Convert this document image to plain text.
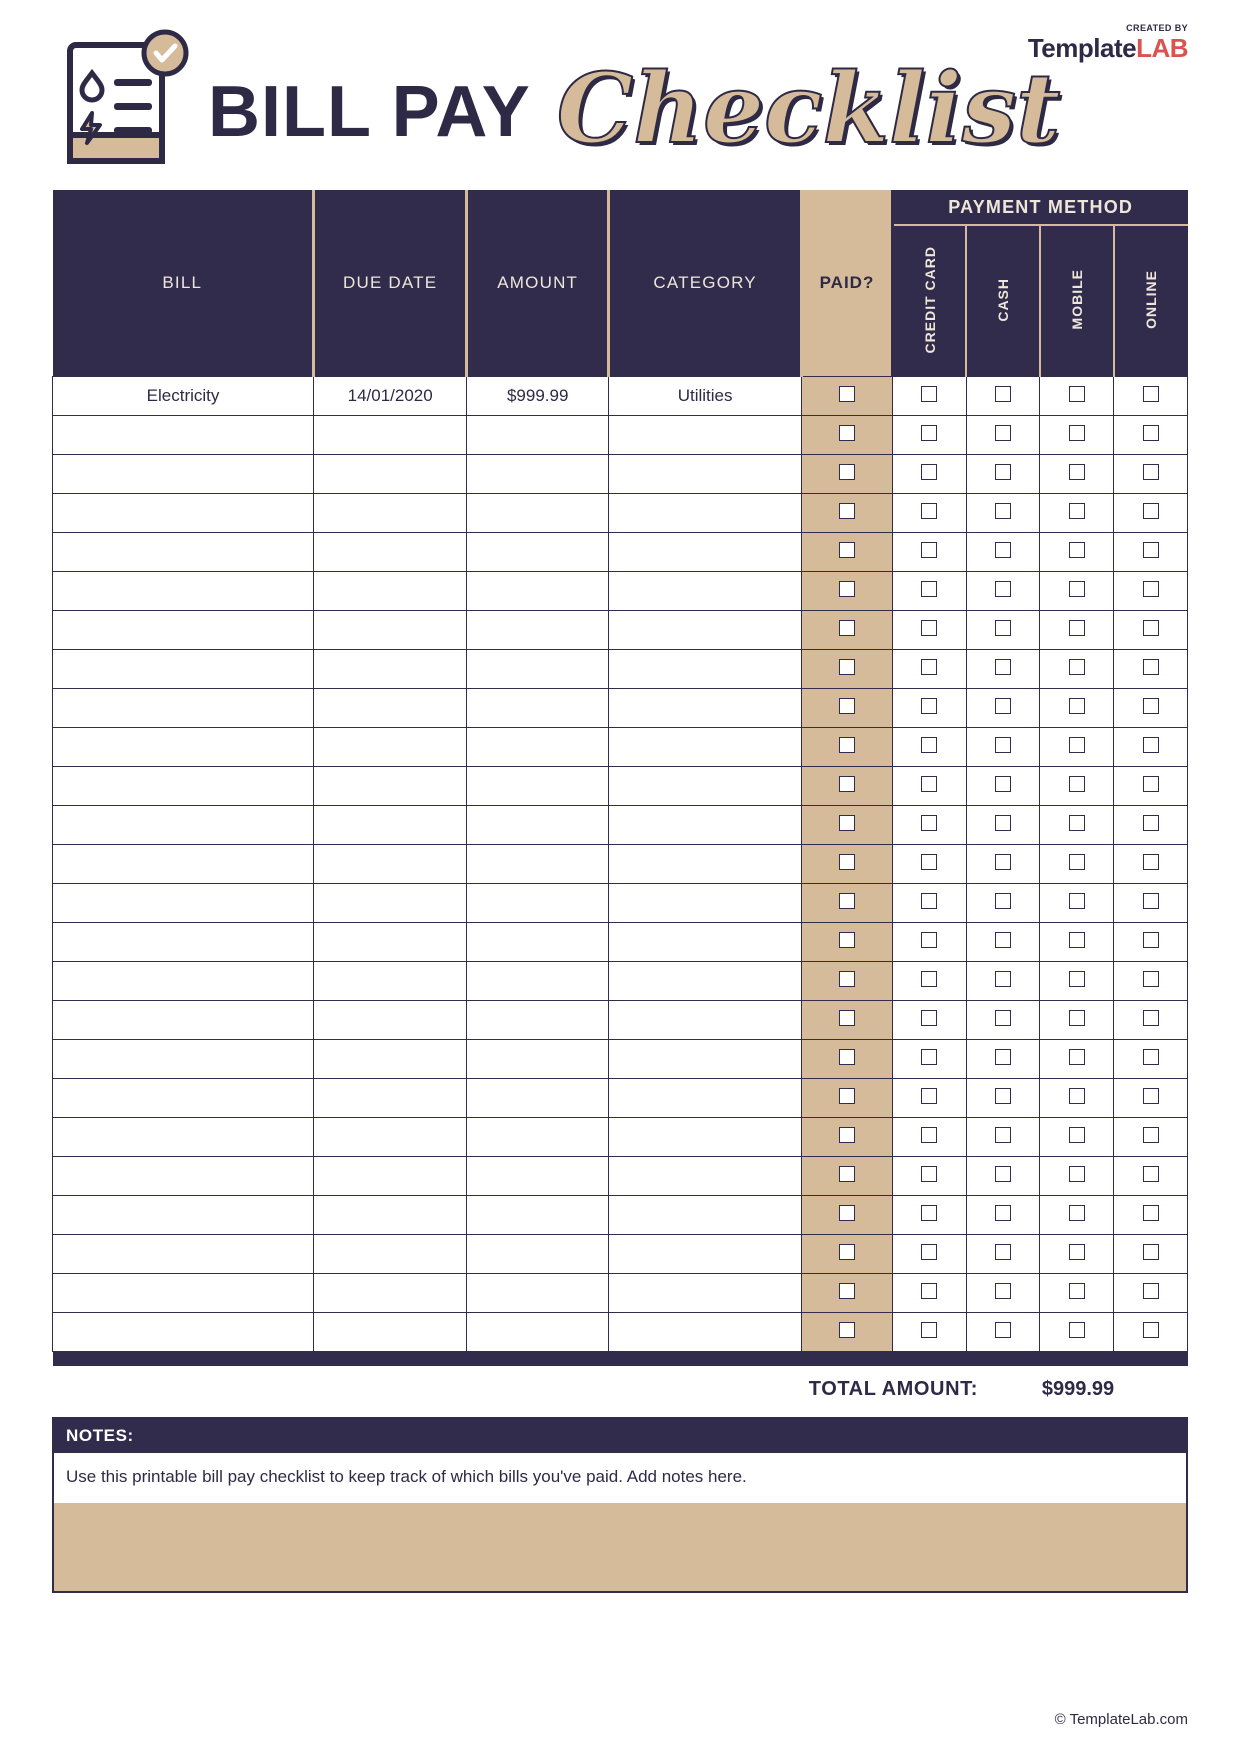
CREATED BY
TemplateLAB
BILL PAY Checklist
BILL	DUE DATE	AMOUNT	CATEGORY	PAID?	PAYMENT METHOD			
					CREDIT CARD	CASH	MOBILE	ONLINE
Electricity	14/01/2020	$999.99	Utilities					

TOTAL AMOUNT:	$999.99
NOTES:
Use this printable bill pay checklist to keep track of which bills you've paid. Add notes here.
© TemplateLab.com
